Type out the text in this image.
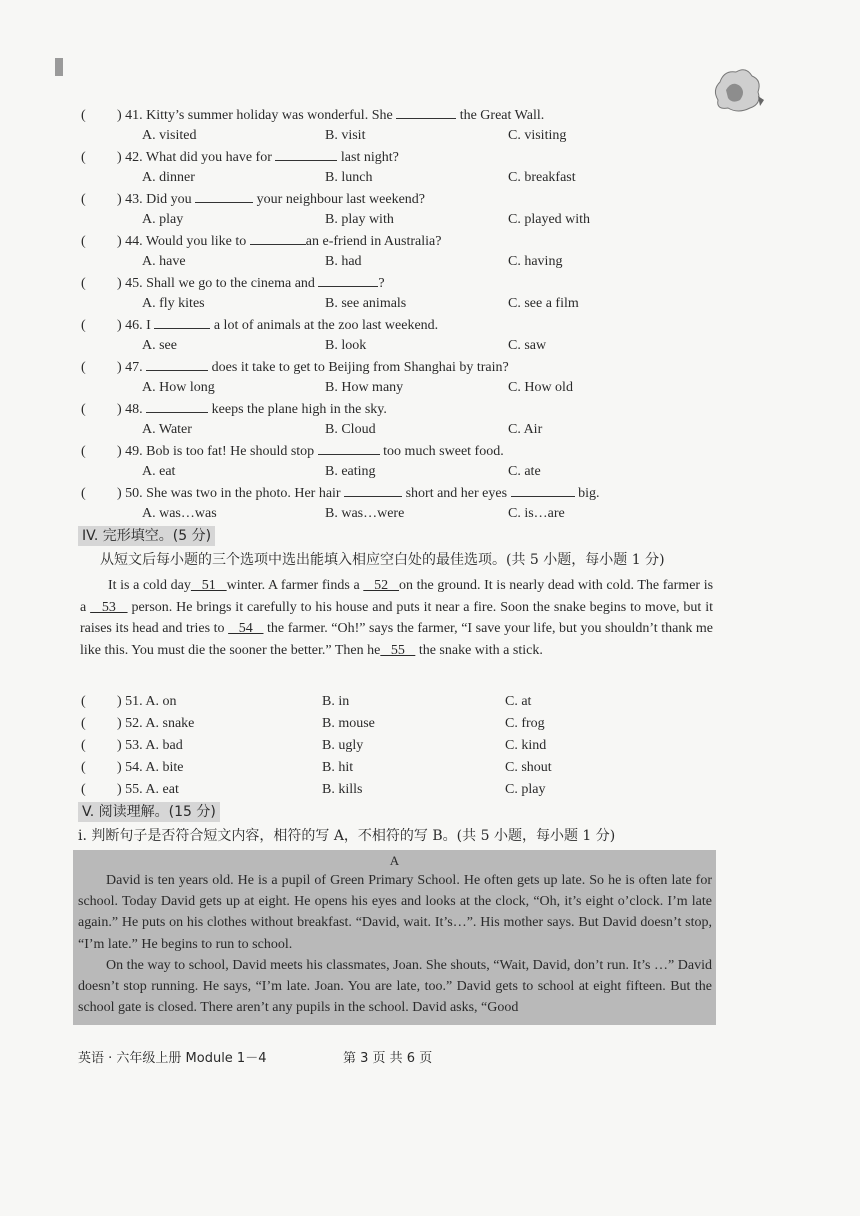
( ) 41. Kitty’s summer holiday was wonderful. She	the Great Wall.
A. visited	B. visit	C. visiting
( ) 42. What did you have for	last night?
A. dinner	B. lunch	C. breakfast
( ) 43. Did you	your neighbour last weekend?
A. play	B. play with	C. played with
( ) 44. Would you like to	an e-friend in Australia?
A. have	B. had	C. having
( ) 45. Shall we go to the cinema and	?
A. fly kites	B. see animals	C. see a film
( ) 46. I	a lot of animals at the zoo last weekend.
A. see	B. look	C. saw
( ) 47.	does it take to get to Beijing from Shanghai by train?
A. How long	B. How many	C. How old
( ) 48.	keeps the plane high in the sky.
A. Water	B. Cloud	C. Air
( ) 49. Bob is too fat! He should stop	too much sweet food.
A. eat	B. eating	C. ate
( ) 50. She was two in the photo. Her hair	short and her eyes	big.
A. was…was	B. was…were	C. is…are
IV. 完形填空。(5 分)
从短文后每小题的三个选项中选出能填入相应空白处的最佳选项。(共 5 小题，每小题 1 分)

It is a cold day   51   winter. A farmer finds a    52   on the ground. It is nearly dead with cold. The farmer is a    53    person. He brings it carefully to his house and puts it near a fire. Soon the snake begins to move, but it raises its head and tries to    54    the farmer. “Oh!” says the farmer, “I save your life, but you shouldn’t thank me like this. You must die the sooner the better.” Then he   55    the snake with a stick.

( ) 51. A. on	B. in	C. at
( ) 52. A. snake	B. mouse	C. frog
( ) 53. A. bad	B. ugly	C. kind
( ) 54. A. bite	B. hit	C. shout
( ) 55. A. eat	B. kills	C. play
V. 阅读理解。(15 分)
i. 判断句子是否符合短文内容，相符的写 A，不相符的写 B。(共 5 小题，每小题 1 分)
A

David is ten years old. He is a pupil of Green Primary School. He often gets up late. So he is often late for school. Today David gets up at eight. He opens his eyes and looks at the clock, “Oh, it’s eight o’clock. I’m late again.” He puts on his clothes without breakfast. “David, wait. It’s…”. His mother says. But David doesn’t stop, “I’m late.” He begins to run to school.

On the way to school, David meets his classmates, Joan. She shouts, “Wait, David, don’t run. It’s …” David doesn’t stop running. He says, “I’m late. Joan. You are late, too.” David gets to school at eight fifteen. But the school gate is closed. There aren’t any pupils in the school. David asks, “Good

英语 · 六年级上册 Module 1－4	第 3 页 共 6 页
